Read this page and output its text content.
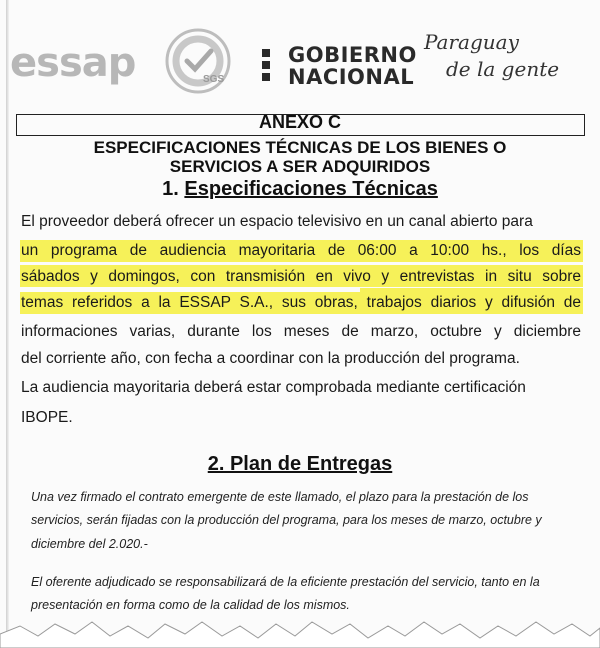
essap	SGS
GOBIERNO
NACIONAL
Paraguay
de la gente
ANEXO C
ESPECIFICACIONES TÉCNICAS DE LOS BIENES O
SERVICIOS A SER ADQUIRIDOS
1. Especificaciones Técnicas
El proveedor deberá ofrecer un espacio televisivo en un canal abierto para
un programa de audiencia mayoritaria de 06:00 a 10:00 hs., los días
sábados y domingos, con transmisión en vivo y entrevistas in situ sobre
temas referidos a la ESSAP S.A., sus obras, trabajos diarios y difusión de
informaciones varias, durante los meses de marzo, octubre y diciembre
del corriente año, con fecha a coordinar con la producción del programa.
La audiencia mayoritaria deberá estar comprobada mediante certificación
IBOPE.
2. Plan de Entregas
Una vez firmado el contrato emergente de este llamado, el plazo para la prestación de los
servicios, serán fijadas con la producción del programa, para los meses de marzo, octubre y
diciembre del 2.020.-
El oferente adjudicado se responsabilizará de la eficiente prestación del servicio, tanto en la
presentación en forma como de la calidad de los mismos.
